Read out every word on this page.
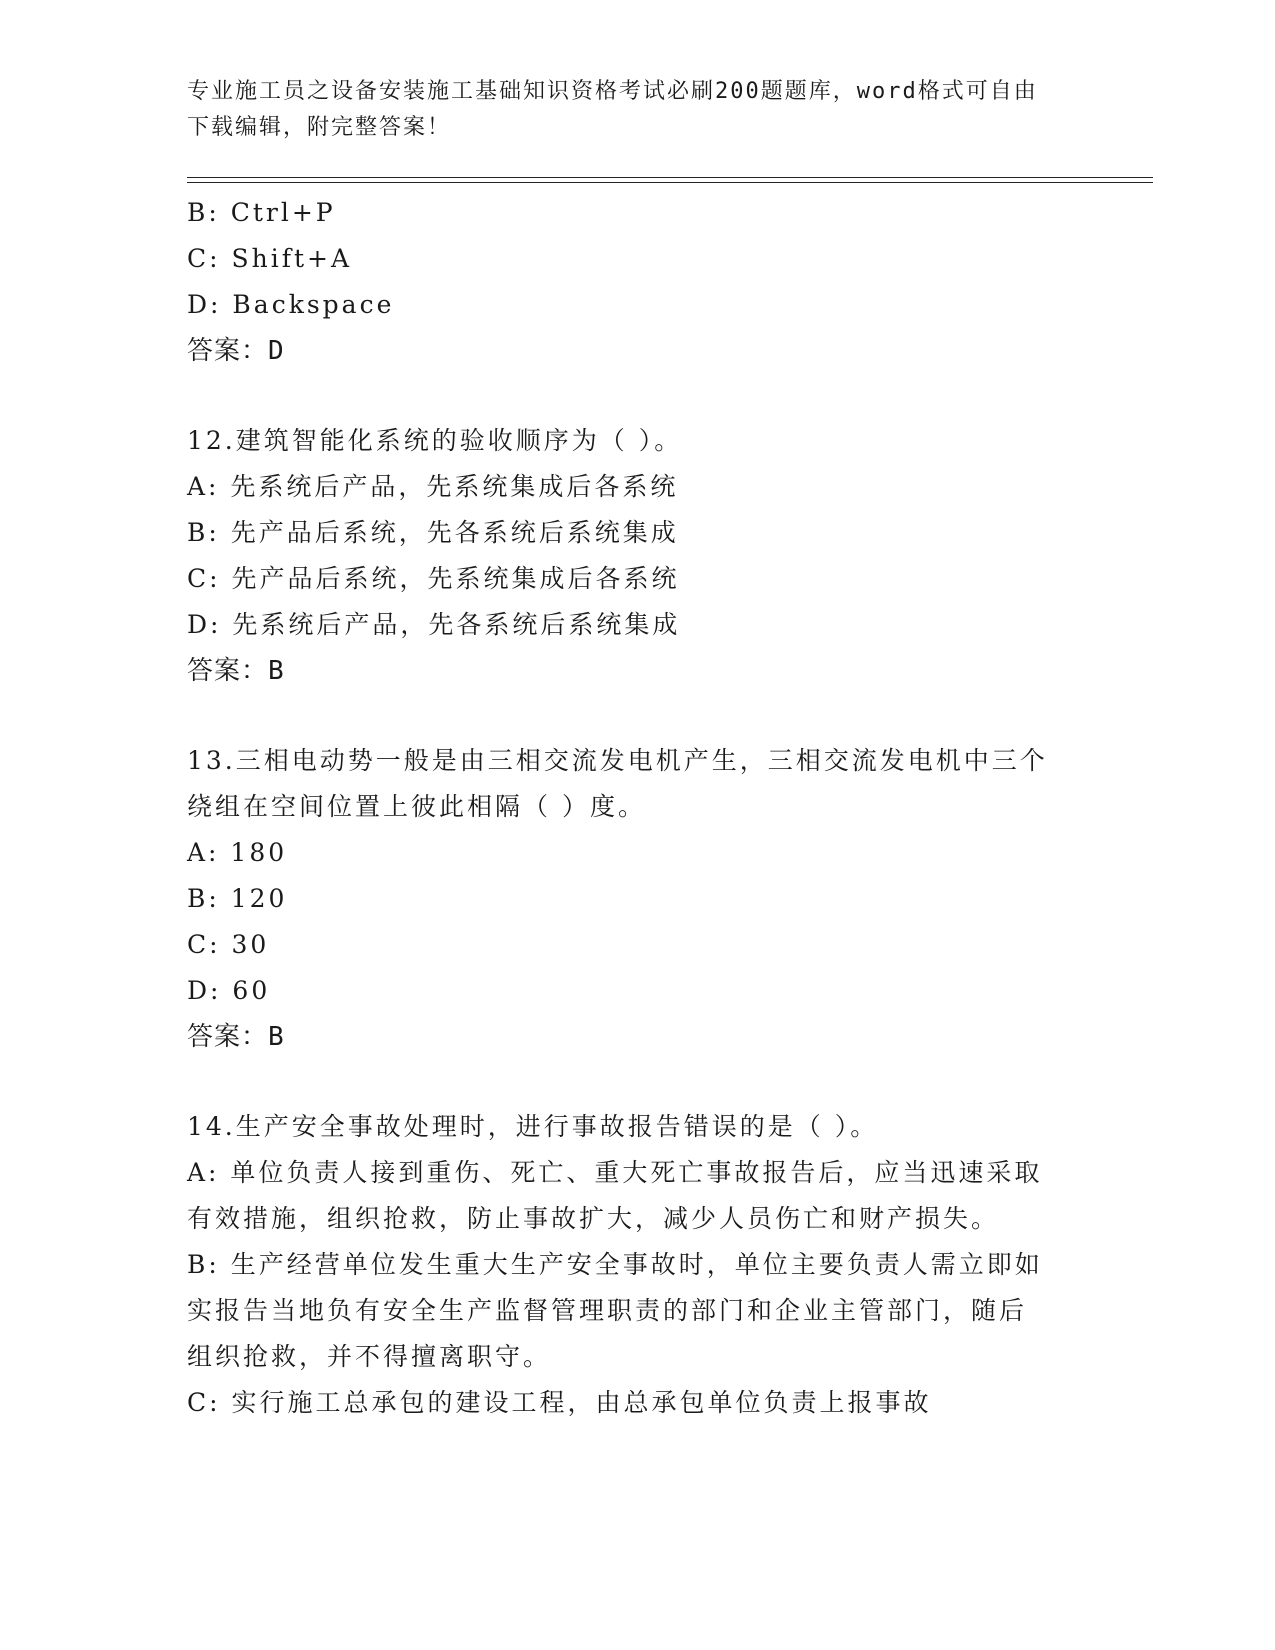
专业施工员之设备安装施工基础知识资格考试必刷200题题库，word格式可自由
下载编辑，附完整答案！
B: Ctrl+P
C: Shift+A
D: Backspace
答案：D
12.建筑智能化系统的验收顺序为（ ）。
A: 先系统后产品，先系统集成后各系统
B: 先产品后系统，先各系统后系统集成
C: 先产品后系统，先系统集成后各系统
D: 先系统后产品，先各系统后系统集成
答案：B
13.三相电动势一般是由三相交流发电机产生，三相交流发电机中三个
绕组在空间位置上彼此相隔（ ）度。
A: 180
B: 120
C: 30
D: 60
答案：B
14.生产安全事故处理时，进行事故报告错误的是（ ）。
A: 单位负责人接到重伤、死亡、重大死亡事故报告后，应当迅速采取
有效措施，组织抢救，防止事故扩大，减少人员伤亡和财产损失。
B: 生产经营单位发生重大生产安全事故时，单位主要负责人需立即如
实报告当地负有安全生产监督管理职责的部门和企业主管部门，随后
组织抢救，并不得擅离职守。
C: 实行施工总承包的建设工程，由总承包单位负责上报事故
